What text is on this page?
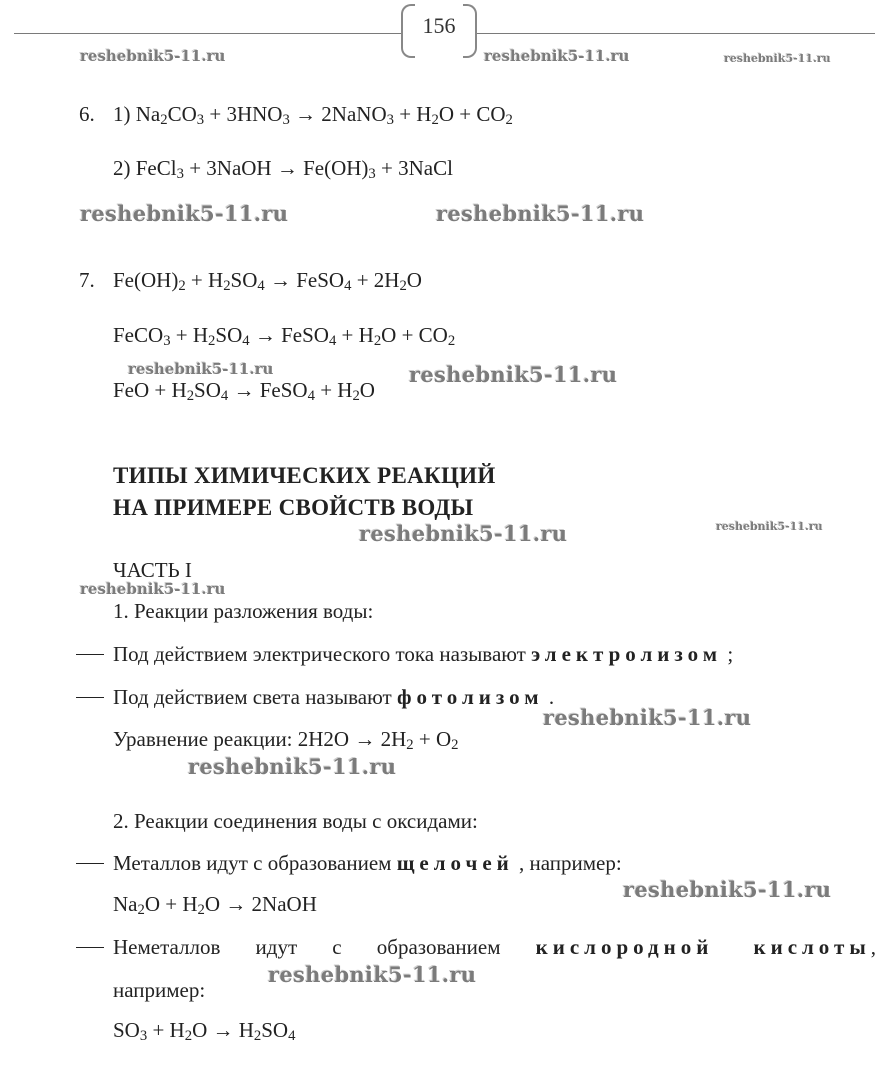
156
reshebnik5-11.ru	reshebnik5-11.ru	reshebnik5-11.ru
reshebnik5-11.ru	reshebnik5-11.ru
reshebnik5-11.ru	reshebnik5-11.ru
reshebnik5-11.ru	reshebnik5-11.ru
reshebnik5-11.ru
reshebnik5-11.ru
reshebnik5-11.ru
reshebnik5-11.ru
reshebnik5-11.ru
6. 1) $Na_2CO_3 + 3HNO_3$ → 2NaNO$_3$ + $H_2O + CO_2$
2) FeCl$_3$ + 3NaOH → $Fe(OH)_3$ + 3NaCl
7. $Fe(OH)_2 + H_2SO_4$ → FeSO$_4$ + $2H_2O$
FeCO$_3$ + $H_2SO_4$ → FeSO$_4$ + $H_2O + CO_2$
FeO + $H_2SO_4$ → FeSO$_4$ + $H_2O$
ТИПЫ ХИМИЧЕСКИХ РЕАКЦИЙ
НА ПРИМЕРЕ СВОЙСТВ ВОДЫ
ЧАСТЬ I
1. Реакции разложения воды:
Под действием электрического тока называют электролизом ;
Под действием света называют фотолизом .
Уравнение реакции: $2H2O \to 2H_2 + O_2$
2. Реакции соединения воды с оксидами:
Металлов идут с образованием щелочей , например:
$Na_2O + H_2O$ → 2NaOH
Неметаллов идут с образованием кислородной кислоты,
например:
$SO_3 + H_2O \to H_2SO_4$
